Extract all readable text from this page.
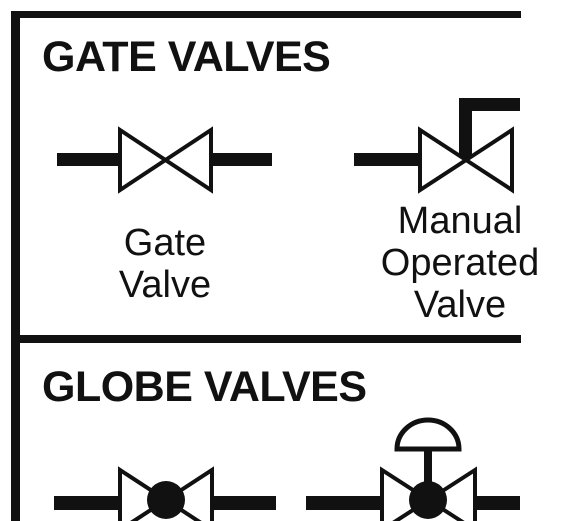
GATE VALVES
Gate
Valve
Manual
Operated
Valve
GLOBE VALVES
